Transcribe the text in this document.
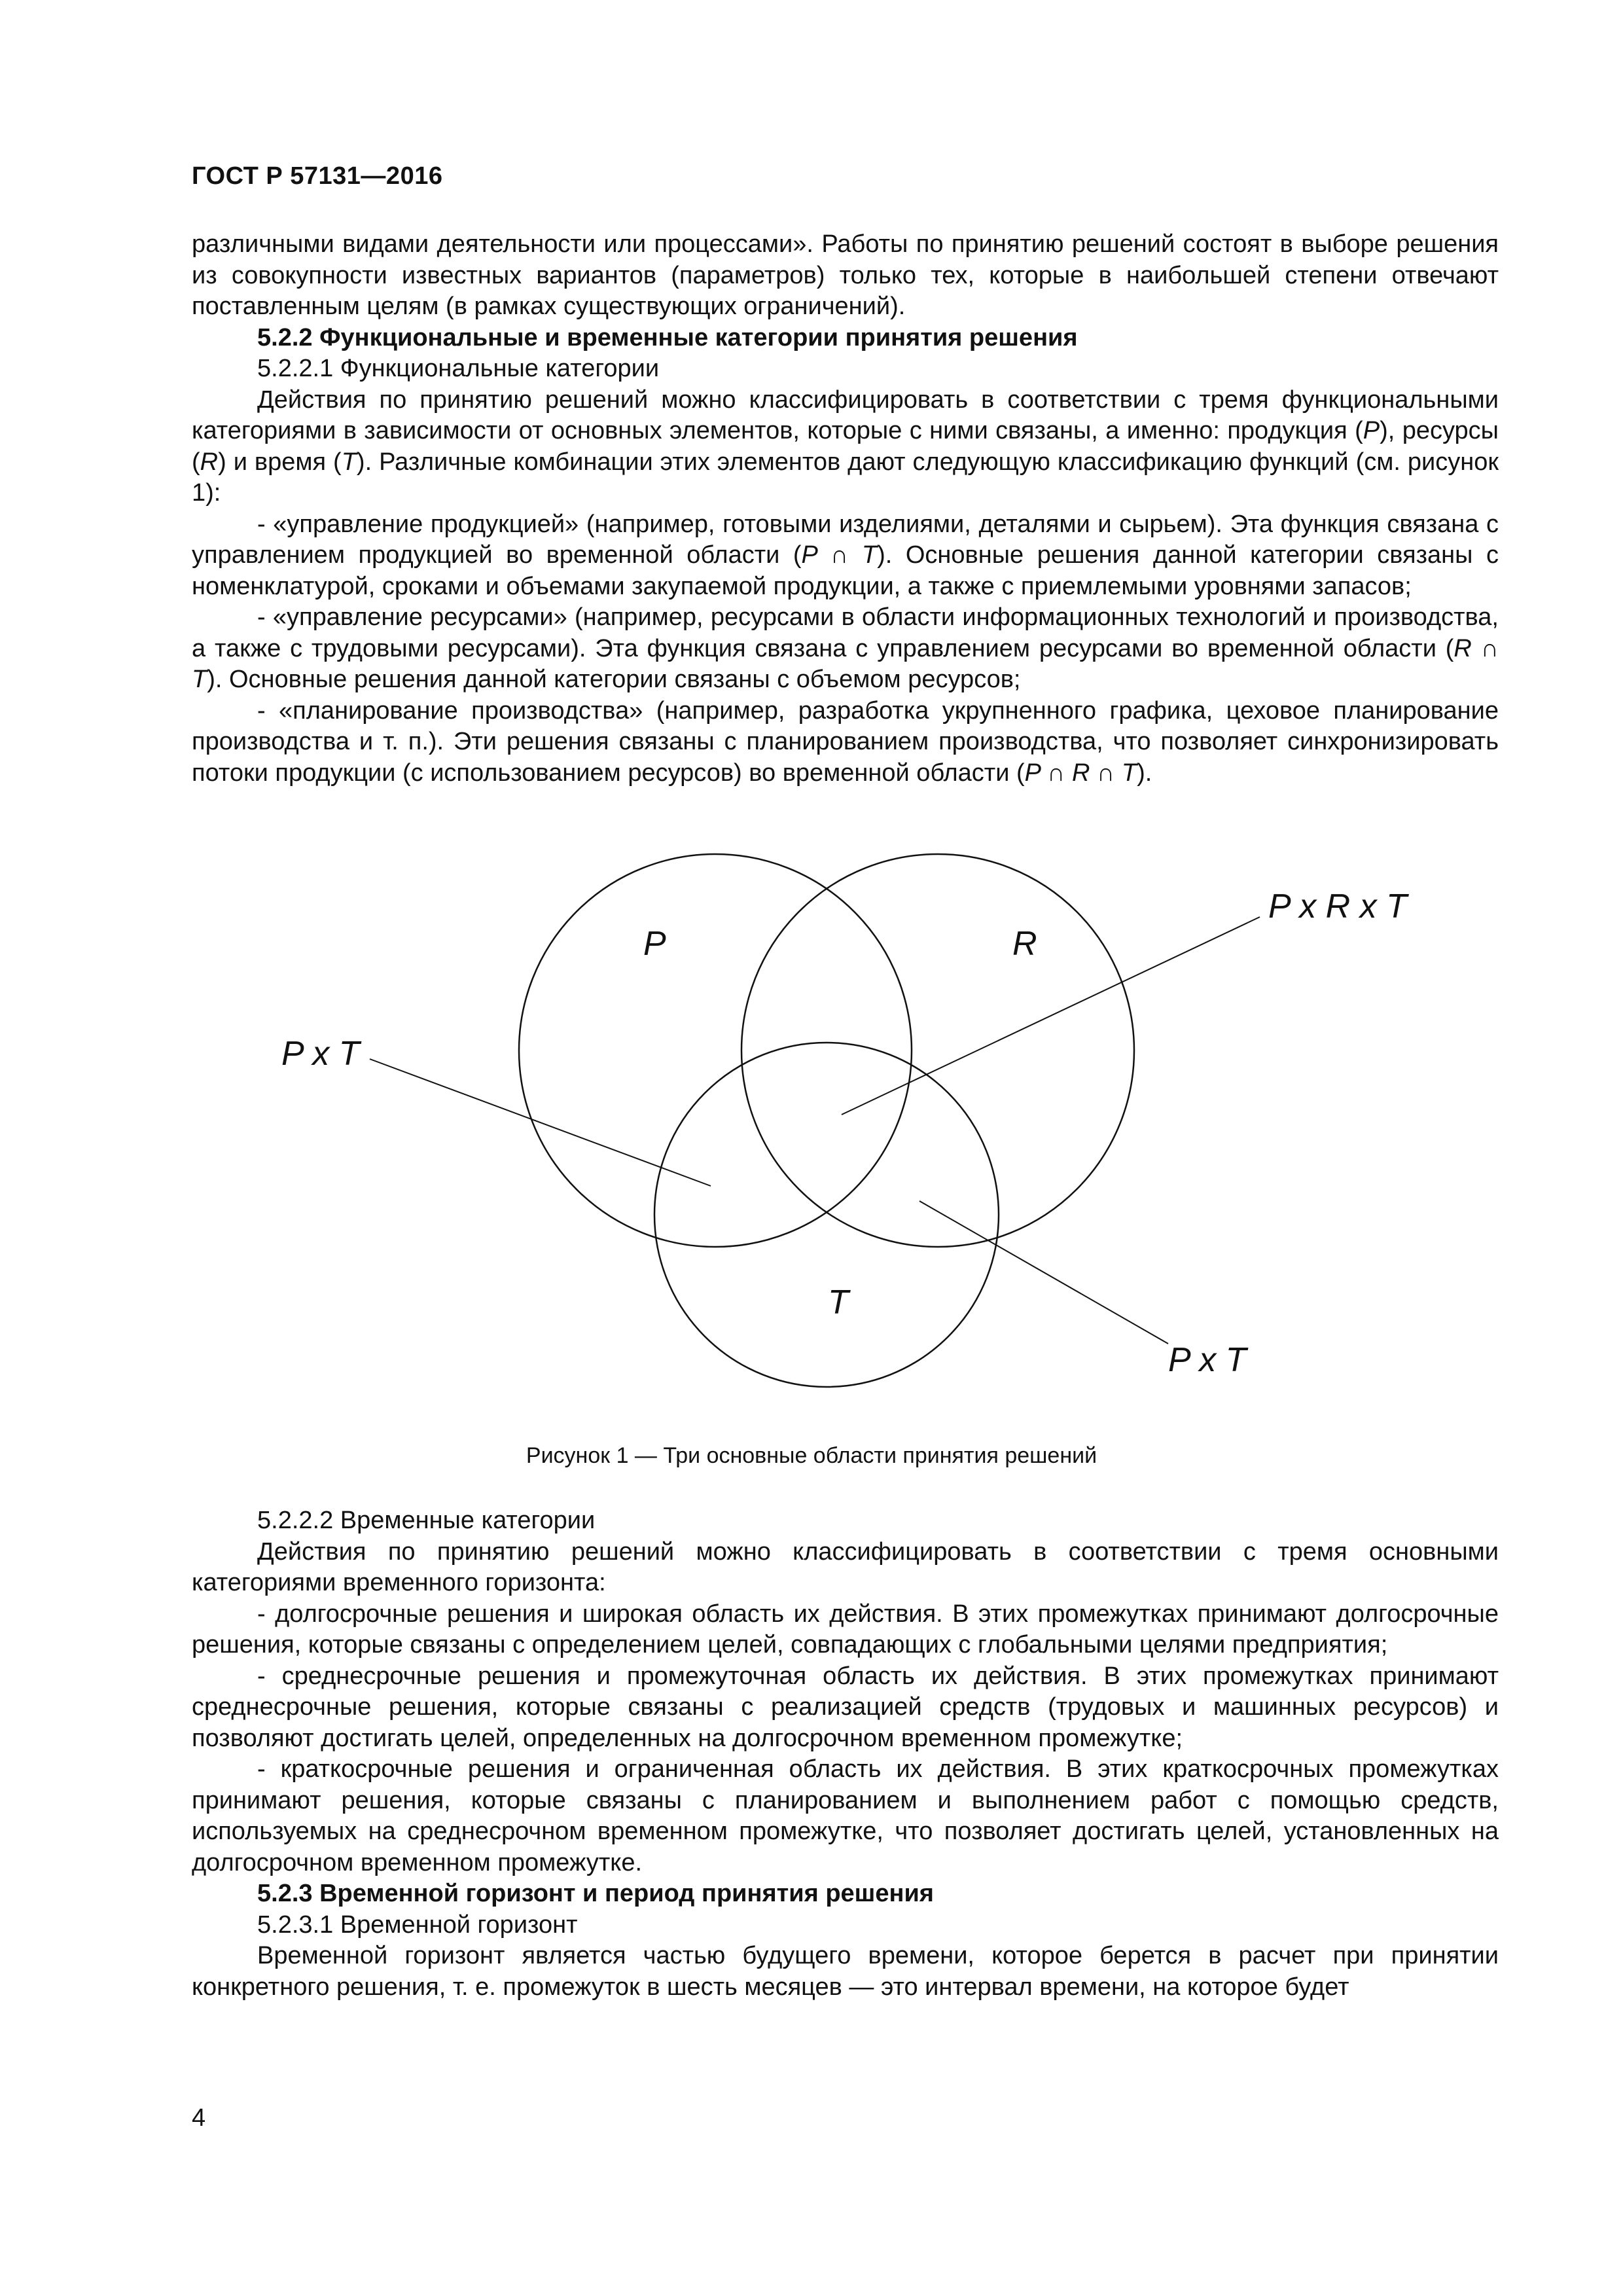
ГОСТ Р 57131—2016

различными видами деятельности или процессами». Работы по принятию решений состоят в выборе решения из совокупности известных вариантов (параметров) только тех, которые в наибольшей степени отвечают поставленным целям (в рамках существующих ограничений).

5.2.2 Функциональные и временные категории принятия решения

5.2.2.1 Функциональные категории

Действия по принятию решений можно классифицировать в соответствии с тремя функциональными категориями в зависимости от основных элементов, которые с ними связаны, а именно: продукция (P), ресурсы (R) и время (T). Различные комбинации этих элементов дают следующую классификацию функций (см. рисунок 1):

- «управление продукцией» (например, готовыми изделиями, деталями и сырьем). Эта функция связана с управлением продукцией во временной области (P ∩ T). Основные решения данной категории связаны с номенклатурой, сроками и объемами закупаемой продукции, а также с приемлемыми уровнями запасов;

- «управление ресурсами» (например, ресурсами в области информационных технологий и производства, а также с трудовыми ресурсами). Эта функция связана с управлением ресурсами во временной области (R ∩ T). Основные решения данной категории связаны с объемом ресурсов;

- «планирование производства» (например, разработка укрупненного графика, цеховое планирование производства и т. п.). Эти решения связаны с планированием производства, что позволяет синхронизировать потоки продукции (с использованием ресурсов) во временной области (P ∩ R ∩ T).

P	R
T
P x R x T
P x T
P x T
Рисунок 1 — Три основные области принятия решений

5.2.2.2 Временные категории

Действия по принятию решений можно классифицировать в соответствии с тремя основными категориями временного горизонта:

- долгосрочные решения и широкая область их действия. В этих промежутках принимают долгосрочные решения, которые связаны с определением целей, совпадающих с глобальными целями предприятия;

- среднесрочные решения и промежуточная область их действия. В этих промежутках принимают среднесрочные решения, которые связаны с реализацией средств (трудовых и машинных ресурсов) и позволяют достигать целей, определенных на долгосрочном временном промежутке;

- краткосрочные решения и ограниченная область их действия. В этих краткосрочных промежутках принимают решения, которые связаны с планированием и выполнением работ с помощью средств, используемых на среднесрочном временном промежутке, что позволяет достигать целей, установленных на долгосрочном временном промежутке.

5.2.3 Временной горизонт и период принятия решения

5.2.3.1 Временной горизонт

Временной горизонт является частью будущего времени, которое берется в расчет при принятии конкретного решения, т. е. промежуток в шесть месяцев — это интервал времени, на которое будет

4
